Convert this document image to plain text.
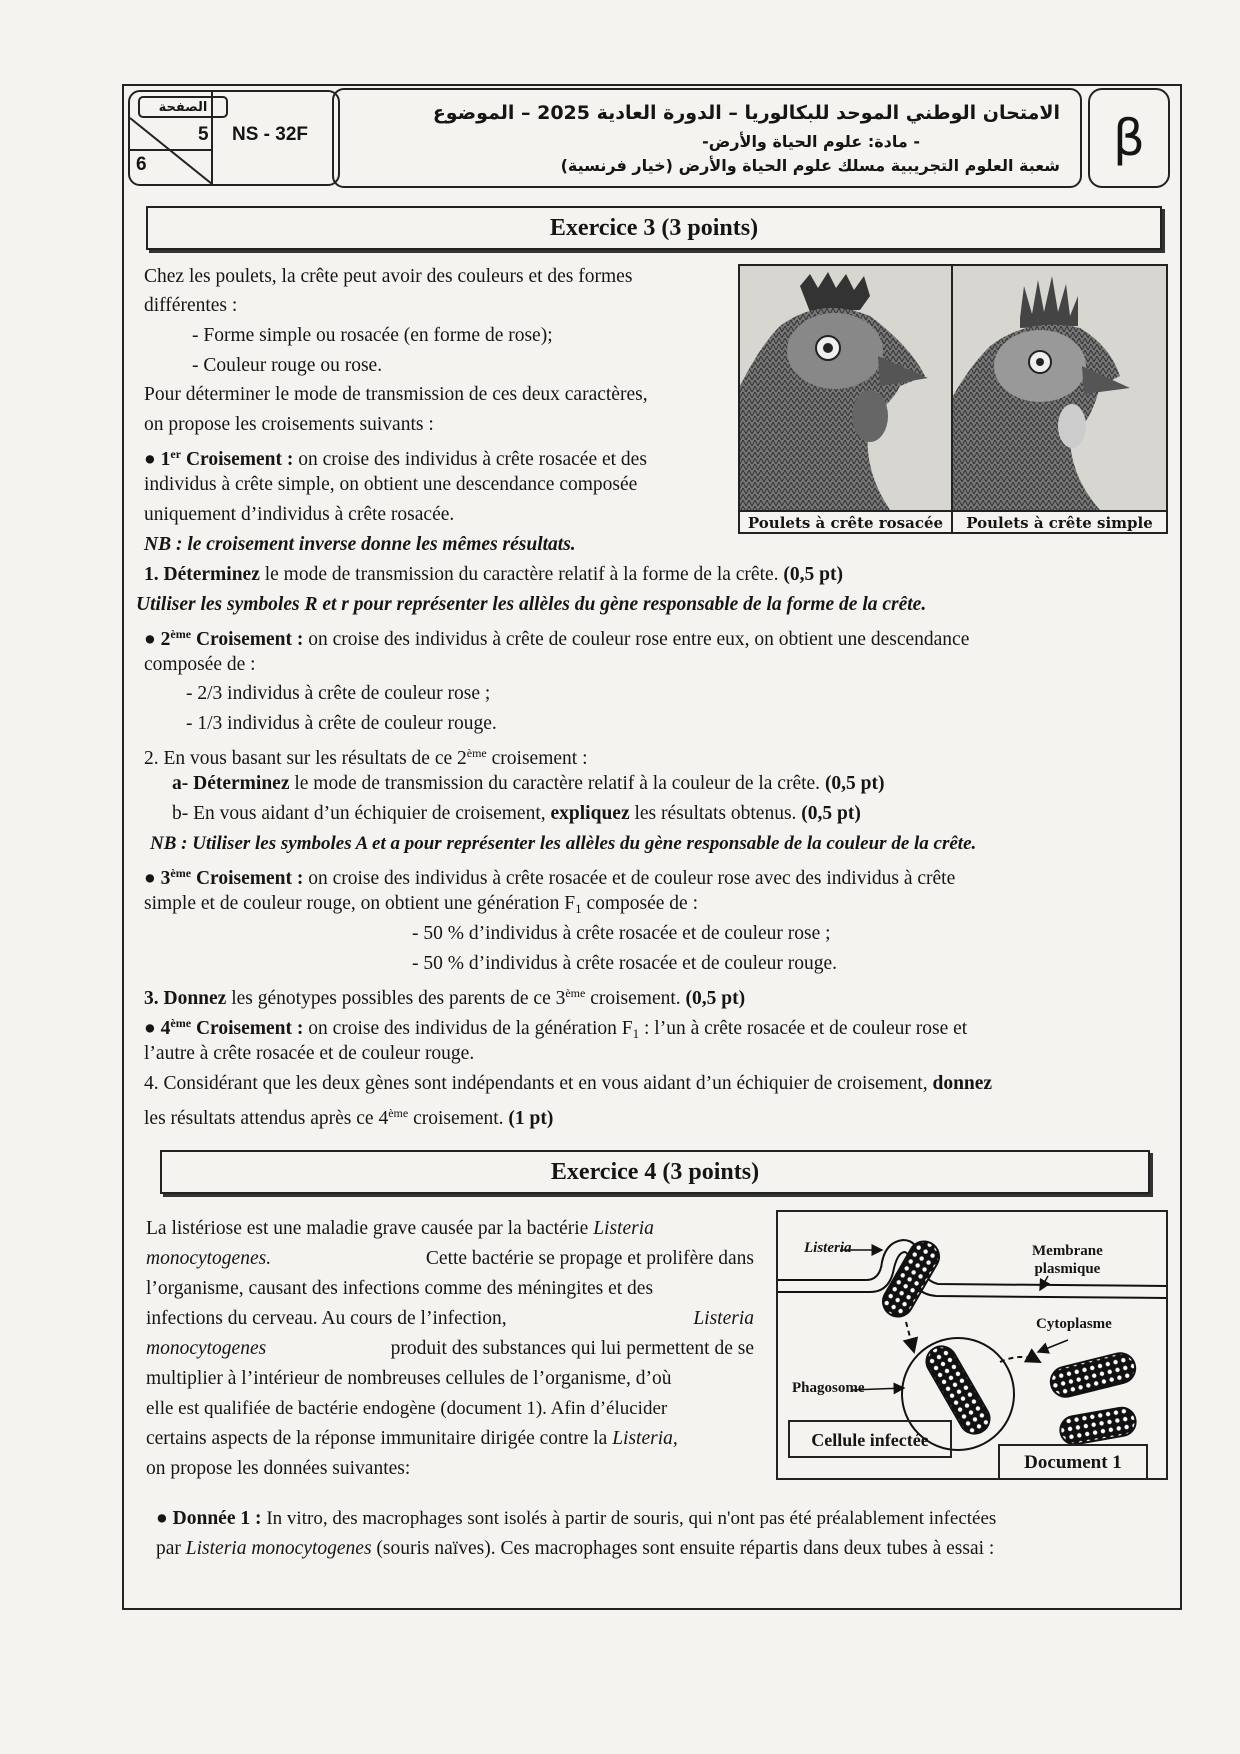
الصفحة
5
6
NS - 32F
الامتحان الوطني الموحد للبكالوريا – الدورة العادية 2025 – الموضوع
- مادة: علوم الحياة والأرض-
شعبة العلوم التجريبية مسلك علوم الحياة والأرض (خيار فرنسية)	β
Exercice 3 (3 points)
Chez les poulets, la crête peut avoir des couleurs et des formes
différentes :
- Forme simple ou rosacée (en forme de rose);
- Couleur rouge ou rose.
Pour déterminer le mode de transmission de ces deux caractères,
on propose les croisements suivants :
● 1er Croisement : on croise des individus à crête rosacée et des
individus à crête simple, on obtient une descendance composée
uniquement d’individus à crête rosacée.
NB : le croisement inverse donne les mêmes résultats.
Poulets à crête rosacée	Poulets à crête simple
1. Déterminez le mode de transmission du caractère relatif à la forme de la crête. (0,5 pt)
Utiliser les symboles R et r pour représenter les allèles du gène responsable de la forme de la crête.
● 2ème Croisement : on croise des individus à crête de couleur rose entre eux, on obtient une descendance
composée de :
- 2/3 individus à crête de couleur rose ;
- 1/3 individus à crête de couleur rouge.
2. En vous basant sur les résultats de ce 2ème croisement :
a- Déterminez le mode de transmission du caractère relatif à la couleur de la crête. (0,5 pt)
b- En vous aidant d’un échiquier de croisement, expliquez les résultats obtenus. (0,5 pt)
NB : Utiliser les symboles A et a pour représenter les allèles du gène responsable de la couleur de la crête.
● 3ème Croisement : on croise des individus à crête rosacée et de couleur rose avec des individus à crête
simple et de couleur rouge, on obtient une génération $F_1$ composée de :
- 50 % d’individus à crête rosacée et de couleur rose ;
- 50 % d’individus à crête rosacée et de couleur rouge.
3. Donnez les génotypes possibles des parents de ce 3ème croisement. (0,5 pt)
● 4ème Croisement : on croise des individus de la génération $F_1$ : l’un à crête rosacée et de couleur rose et
l’autre à crête rosacée et de couleur rouge.
4. Considérant que les deux gènes sont indépendants et en vous aidant d’un échiquier de croisement, donnez
les résultats attendus après ce 4ème croisement. (1 pt)
Exercice 4 (3 points)
La listériose est une maladie grave causée par la bactérie Listeria
monocytogenes.	Cette bactérie se propage et prolifère dans
l’organisme, causant des infections comme des méningites et des
infections du cerveau. Au cours de l’infection,	Listeria
monocytogenes	produit des substances qui lui permettent de se
multiplier à l’intérieur de nombreuses cellules de l’organisme, d’où
elle est qualifiée de bactérie endogène (document 1). Afin d’élucider
certains aspects de la réponse immunitaire dirigée contre la Listeria,
on propose les données suivantes:
Listeria	Membrane
plasmique
Cytoplasme
Phagosome
Cellule infectée
Document 1
● Donnée 1 : In vitro, des macrophages sont isolés à partir de souris, qui n'ont pas été préalablement infectées
par Listeria monocytogenes (souris naïves). Ces macrophages sont ensuite répartis dans deux tubes à essai :
